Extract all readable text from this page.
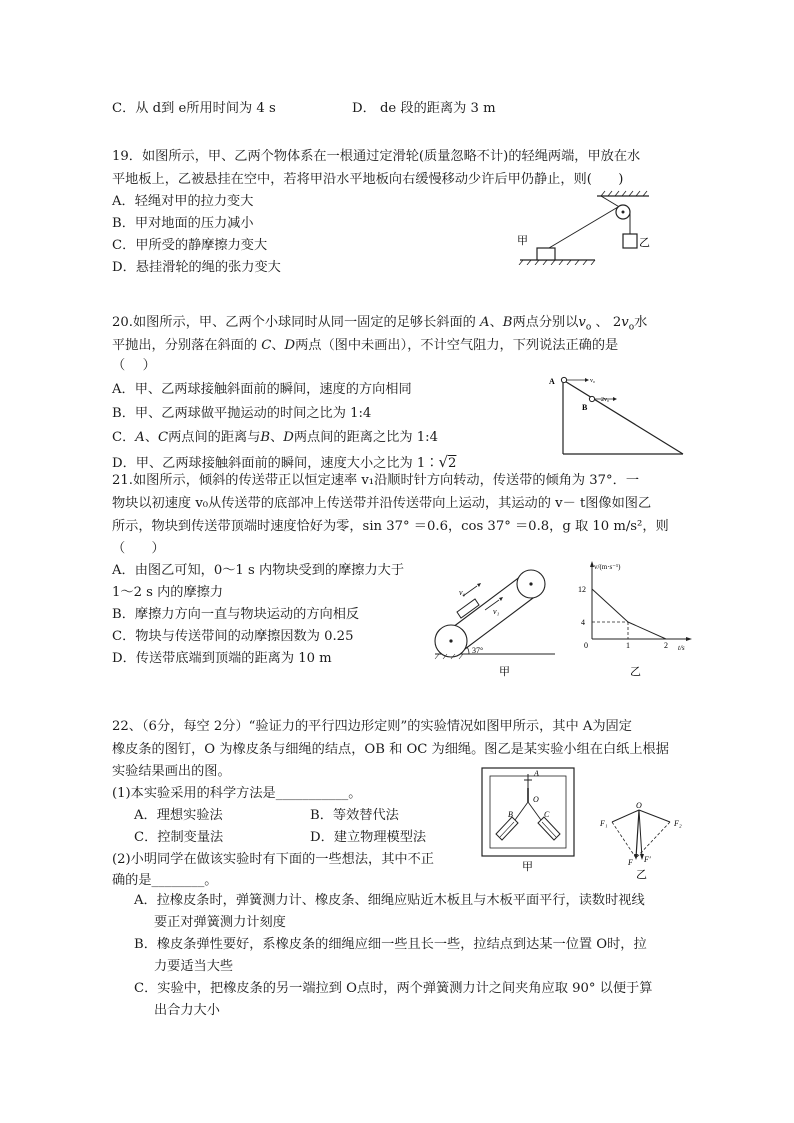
C．从 d到 e所用时间为 4 s	D． de 段的距离为 3 m
19．如图所示，甲、乙两个物体系在一根通过定滑轮(质量忽略不计)的轻绳两端，甲放在水
平地板上，乙被悬挂在空中，若将甲沿水平地板向右缓慢移动少许后甲仍静止，则(　　)
A．轻绳对甲的拉力变大
B．甲对地面的压力减小
C．甲所受的静摩擦力变大
D．悬挂滑轮的绳的张力变大
甲	乙
20.如图所示，甲、乙两个小球同时从同一固定的足够长斜面的 A、B两点分别以$v_o$ 、 $2v_o$水
平抛出，分别落在斜面的 C、D两点（图中未画出），不计空气阻力，下列说法正确的是
（　 ）
A．甲、乙两球接触斜面前的瞬间，速度的方向相同
B．甲、乙两球做平抛运动的时间之比为 1:4
C．A、C两点间的距离与B、D两点间的距离之比为 1:4
D．甲、乙两球接触斜面前的瞬间，速度大小之比为 1∶√2
A
B
v₀
2v₀
21.如图所示，倾斜的传送带正以恒定速率 v₁沿顺时针方向转动，传送带的倾角为 37°．一
物块以初速度 v₀从传送带的底部冲上传送带并沿传送带向上运动，其运动的 v－ t图像如图乙
所示，物块到传送带顶端时速度恰好为零，sin 37° ＝0.6，cos 37° ＝0.8，g 取 10 m/s²，则
（　　）
A．由图乙可知，0～1 s 内物块受到的摩擦力大于
1～2 s 内的摩擦力
B．摩擦力方向一直与物块运动的方向相反
C．物块与传送带间的动摩擦因数为 0.25
D．传送带底端到顶端的距离为 10 m
v₀
v₁
37°
甲
v/(m·s⁻¹)
t/s
0
12
4
1	2
乙
22、（6分，每空 2分）“验证力的平行四边形定则”的实验情况如图甲所示，其中 A为固定
橡皮条的图钉，O 为橡皮条与细绳的结点，OB 和 OC 为细绳。图乙是某实验小组在白纸上根据
实验结果画出的图。
(1)本实验采用的科学方法是___________。
A．理想实验法	B．等效替代法
C．控制变量法	D．建立物理模型法
(2)小明同学在做该实验时有下面的一些想法，其中不正
确的是________。
A．拉橡皮条时，弹簧测力计、橡皮条、细绳应贴近木板且与木板平面平行，读数时视线
要正对弹簧测力计刻度
B．橡皮条弹性要好，系橡皮条的细绳应细一些且长一些，拉结点到达某一位置 O时，拉
力要适当大些
C．实验中，把橡皮条的另一端拉到 O点时，两个弹簧测力计之间夹角应取 90° 以便于算
出合力大小
A
O
B	C
甲
O
F₁	F₂
F F′
乙
